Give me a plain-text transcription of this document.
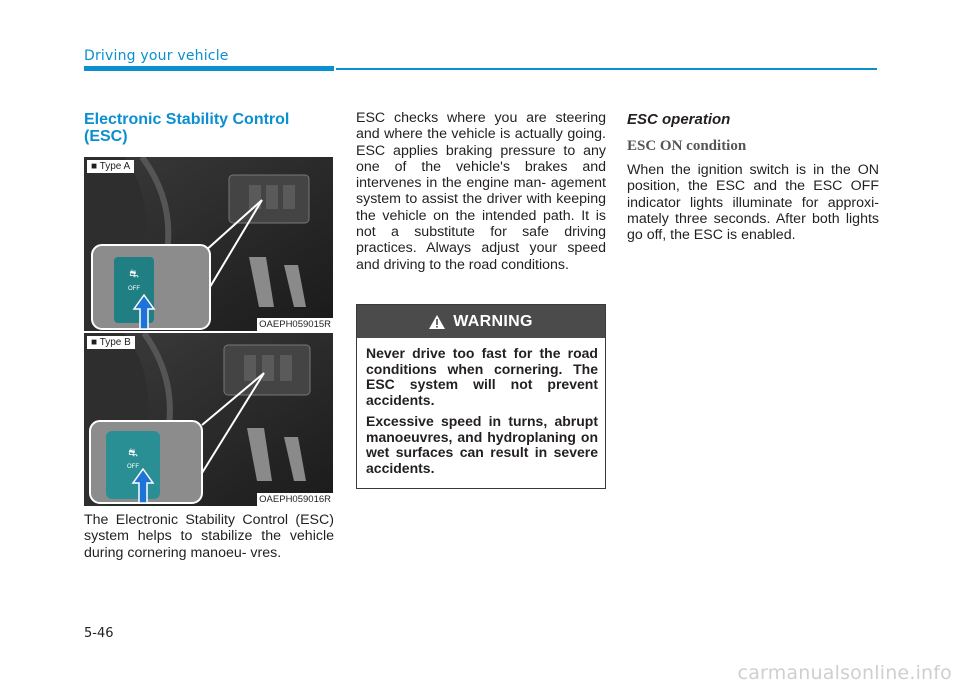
Driving your vehicle
Electronic Stability Control (ESC)
⛐
OFF
■ Type A
OAEPH059015R
⛐
OFF
■ Type B
OAEPH059016R

The Electronic Stability Control (ESC) system helps to stabilize the vehicle during cornering manoeu- vres.

ESC checks where you are steering and where the vehicle is actually going. ESC applies braking pressure to any one of the vehicle's brakes and intervenes in the engine man- agement system to assist the driver with keeping the vehicle on the intended path. It is not a substitute for safe driving practices. Always adjust your speed and driving to the road conditions.

WARNING

Never drive too fast for the road conditions when cornering. The ESC system will not prevent accidents.

Excessive speed in turns, abrupt manoeuvres, and hydroplaning on wet surfaces can result in severe accidents.

ESC operation
ESC ON condition

When the ignition switch is in the ON position, the ESC and the ESC OFF indicator lights illuminate for approxi- mately three seconds. After both lights go off, the ESC is enabled.

5-46
carmanualsonline.info
